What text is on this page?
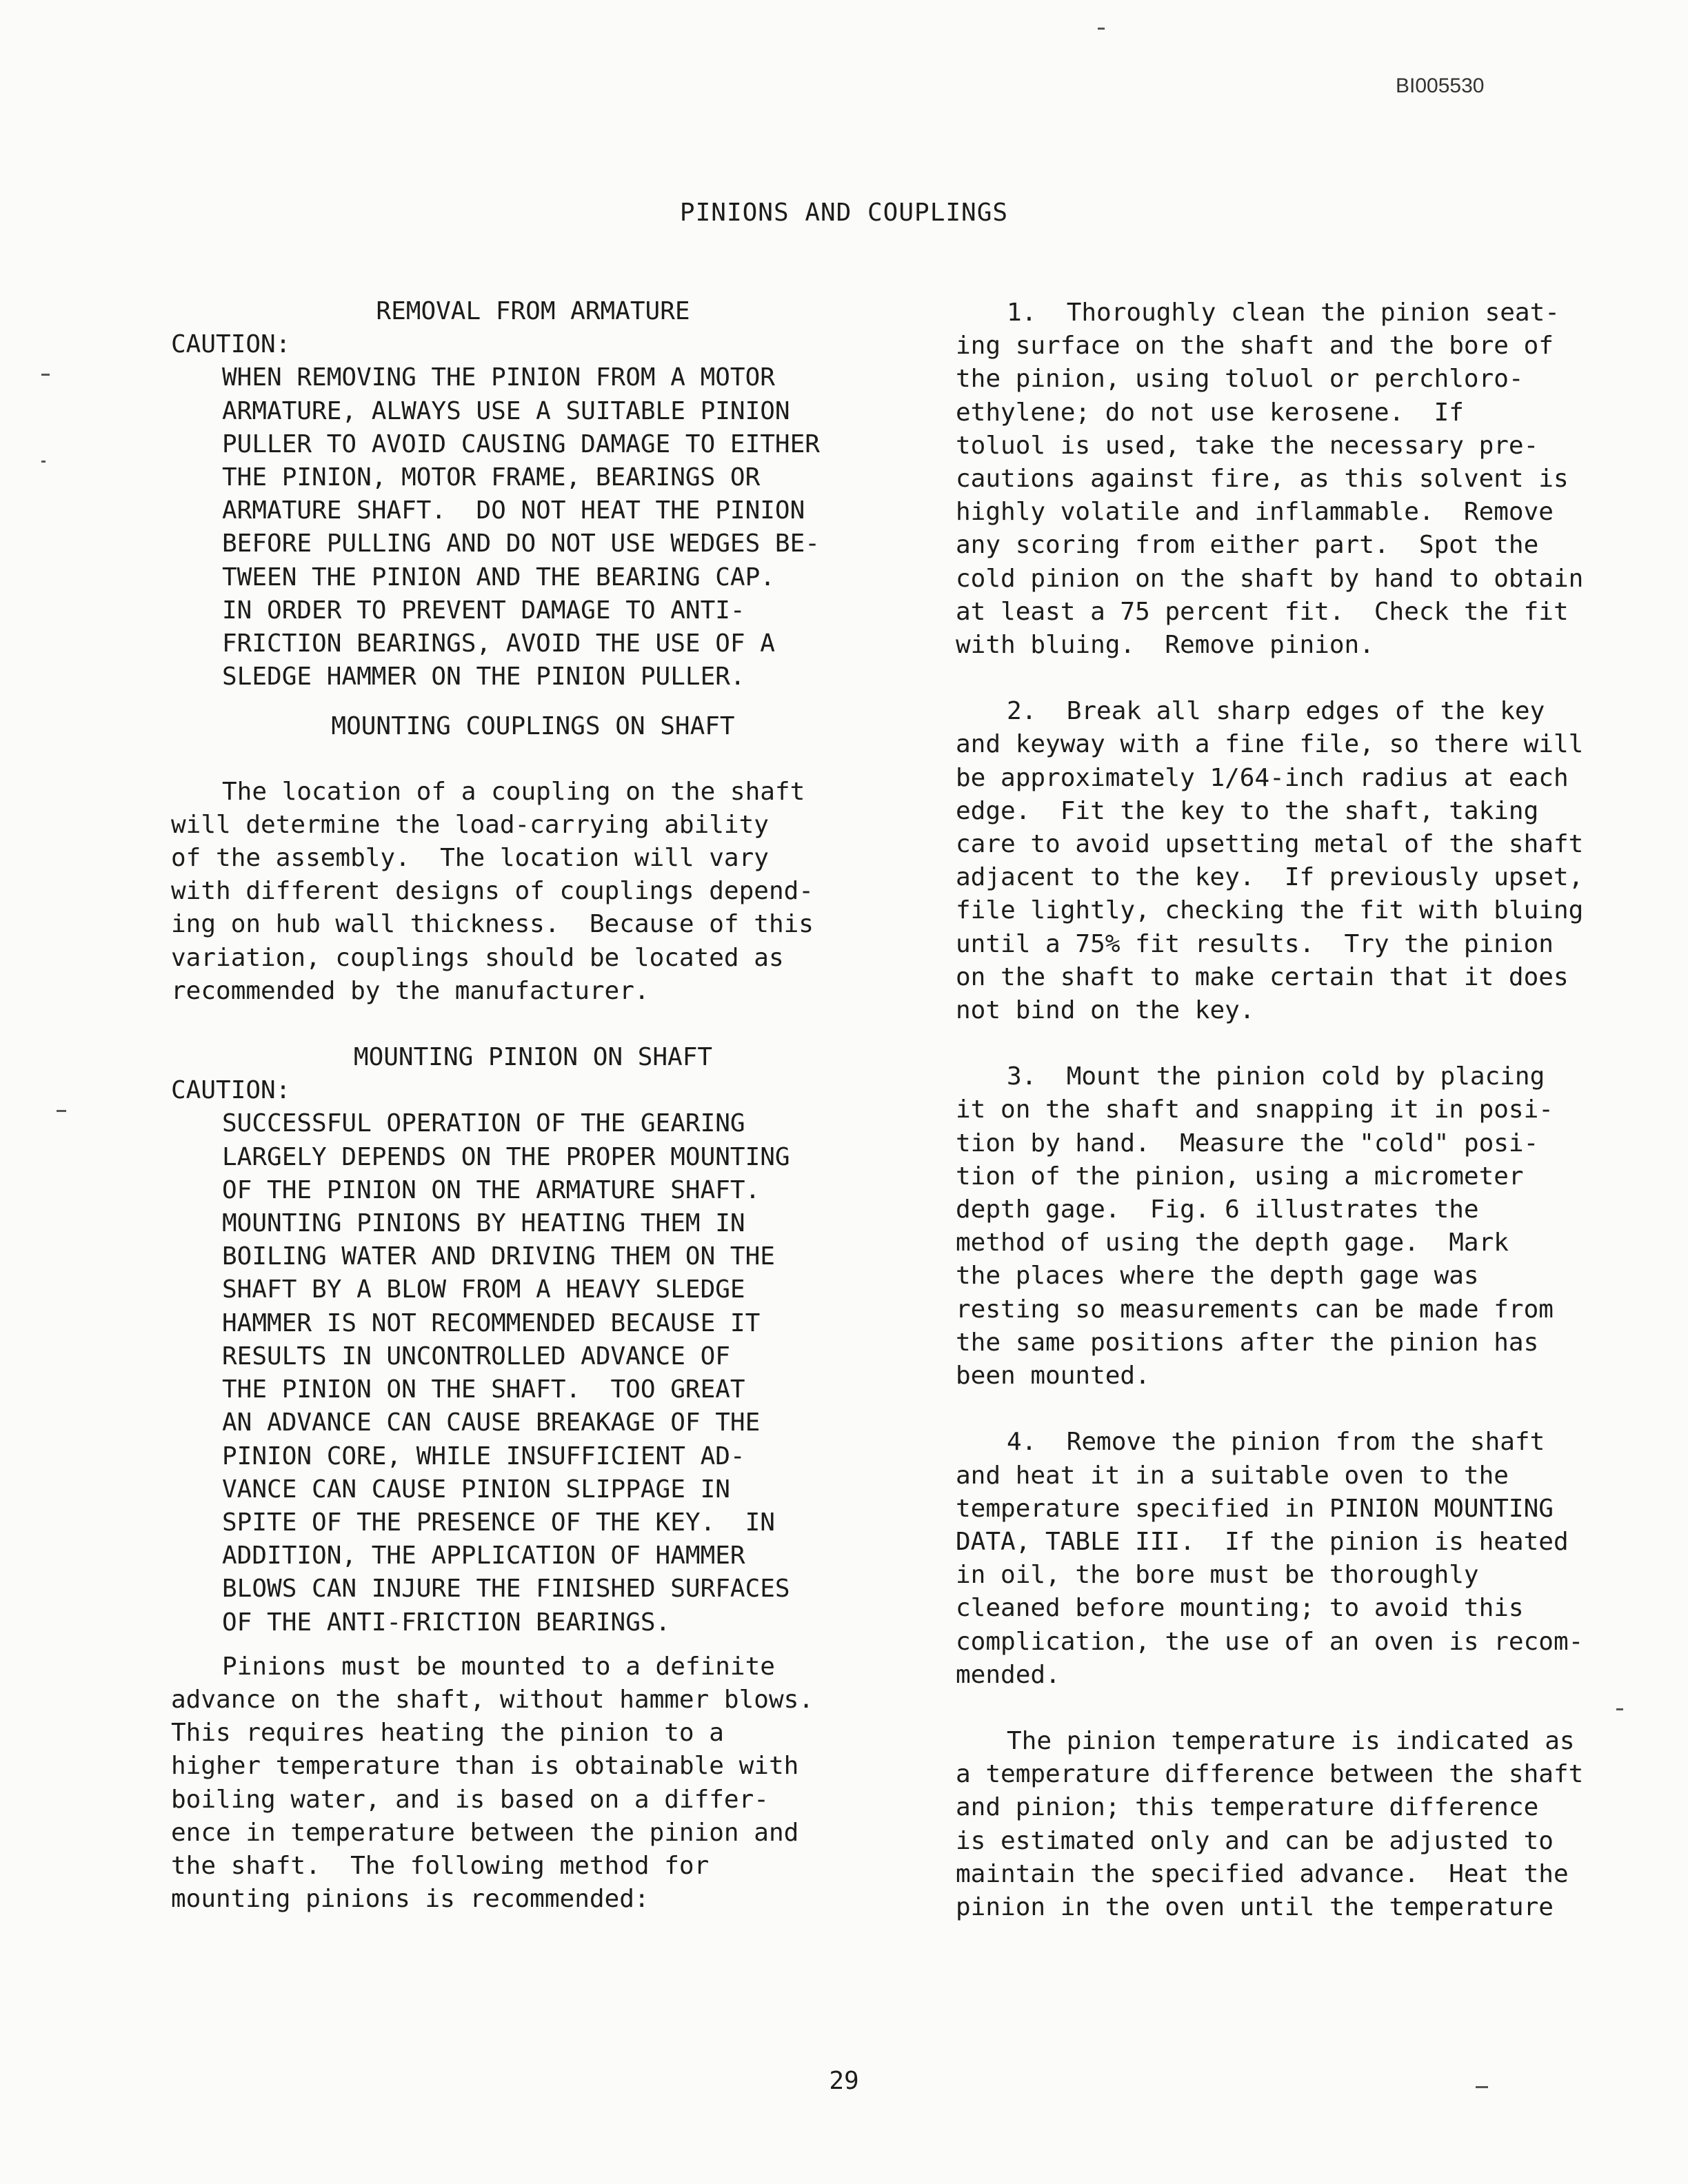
BI005530
PINIONS AND COUPLINGS
REMOVAL FROM ARMATURE
CAUTION:
WHEN REMOVING THE PINION FROM A MOTOR
ARMATURE, ALWAYS USE A SUITABLE PINION
PULLER TO AVOID CAUSING DAMAGE TO EITHER
THE PINION, MOTOR FRAME, BEARINGS OR
ARMATURE SHAFT.  DO NOT HEAT THE PINION
BEFORE PULLING AND DO NOT USE WEDGES BE-
TWEEN THE PINION AND THE BEARING CAP.
IN ORDER TO PREVENT DAMAGE TO ANTI-
FRICTION BEARINGS, AVOID THE USE OF A
SLEDGE HAMMER ON THE PINION PULLER.
MOUNTING COUPLINGS ON SHAFT
The location of a coupling on the shaft
will determine the load-carrying ability
of the assembly.  The location will vary
with different designs of couplings depend-
ing on hub wall thickness.  Because of this
variation, couplings should be located as
recommended by the manufacturer.
MOUNTING PINION ON SHAFT
CAUTION:
SUCCESSFUL OPERATION OF THE GEARING
LARGELY DEPENDS ON THE PROPER MOUNTING
OF THE PINION ON THE ARMATURE SHAFT.
MOUNTING PINIONS BY HEATING THEM IN
BOILING WATER AND DRIVING THEM ON THE
SHAFT BY A BLOW FROM A HEAVY SLEDGE
HAMMER IS NOT RECOMMENDED BECAUSE IT
RESULTS IN UNCONTROLLED ADVANCE OF
THE PINION ON THE SHAFT.  TOO GREAT
AN ADVANCE CAN CAUSE BREAKAGE OF THE
PINION CORE, WHILE INSUFFICIENT AD-
VANCE CAN CAUSE PINION SLIPPAGE IN
SPITE OF THE PRESENCE OF THE KEY.  IN
ADDITION, THE APPLICATION OF HAMMER
BLOWS CAN INJURE THE FINISHED SURFACES
OF THE ANTI-FRICTION BEARINGS.
Pinions must be mounted to a definite
advance on the shaft, without hammer blows.
This requires heating the pinion to a
higher temperature than is obtainable with
boiling water, and is based on a differ-
ence in temperature between the pinion and
the shaft.  The following method for
mounting pinions is recommended:
1.  Thoroughly clean the pinion seat-
ing surface on the shaft and the bore of
the pinion, using toluol or perchloro-
ethylene; do not use kerosene.  If
toluol is used, take the necessary pre-
cautions against fire, as this solvent is
highly volatile and inflammable.  Remove
any scoring from either part.  Spot the
cold pinion on the shaft by hand to obtain
at least a 75 percent fit.  Check the fit
with bluing.  Remove pinion.
2.  Break all sharp edges of the key
and keyway with a fine file, so there will
be approximately 1/64-inch radius at each
edge.  Fit the key to the shaft, taking
care to avoid upsetting metal of the shaft
adjacent to the key.  If previously upset,
file lightly, checking the fit with bluing
until a 75% fit results.  Try the pinion
on the shaft to make certain that it does
not bind on the key.
3.  Mount the pinion cold by placing
it on the shaft and snapping it in posi-
tion by hand.  Measure the "cold" posi-
tion of the pinion, using a micrometer
depth gage.  Fig. 6 illustrates the
method of using the depth gage.  Mark
the places where the depth gage was
resting so measurements can be made from
the same positions after the pinion has
been mounted.
4.  Remove the pinion from the shaft
and heat it in a suitable oven to the
temperature specified in PINION MOUNTING
DATA, TABLE III.  If the pinion is heated
in oil, the bore must be thoroughly
cleaned before mounting; to avoid this
complication, the use of an oven is recom-
mended.
The pinion temperature is indicated as
a temperature difference between the shaft
and pinion; this temperature difference
is estimated only and can be adjusted to
maintain the specified advance.  Heat the
pinion in the oven until the temperature
29
